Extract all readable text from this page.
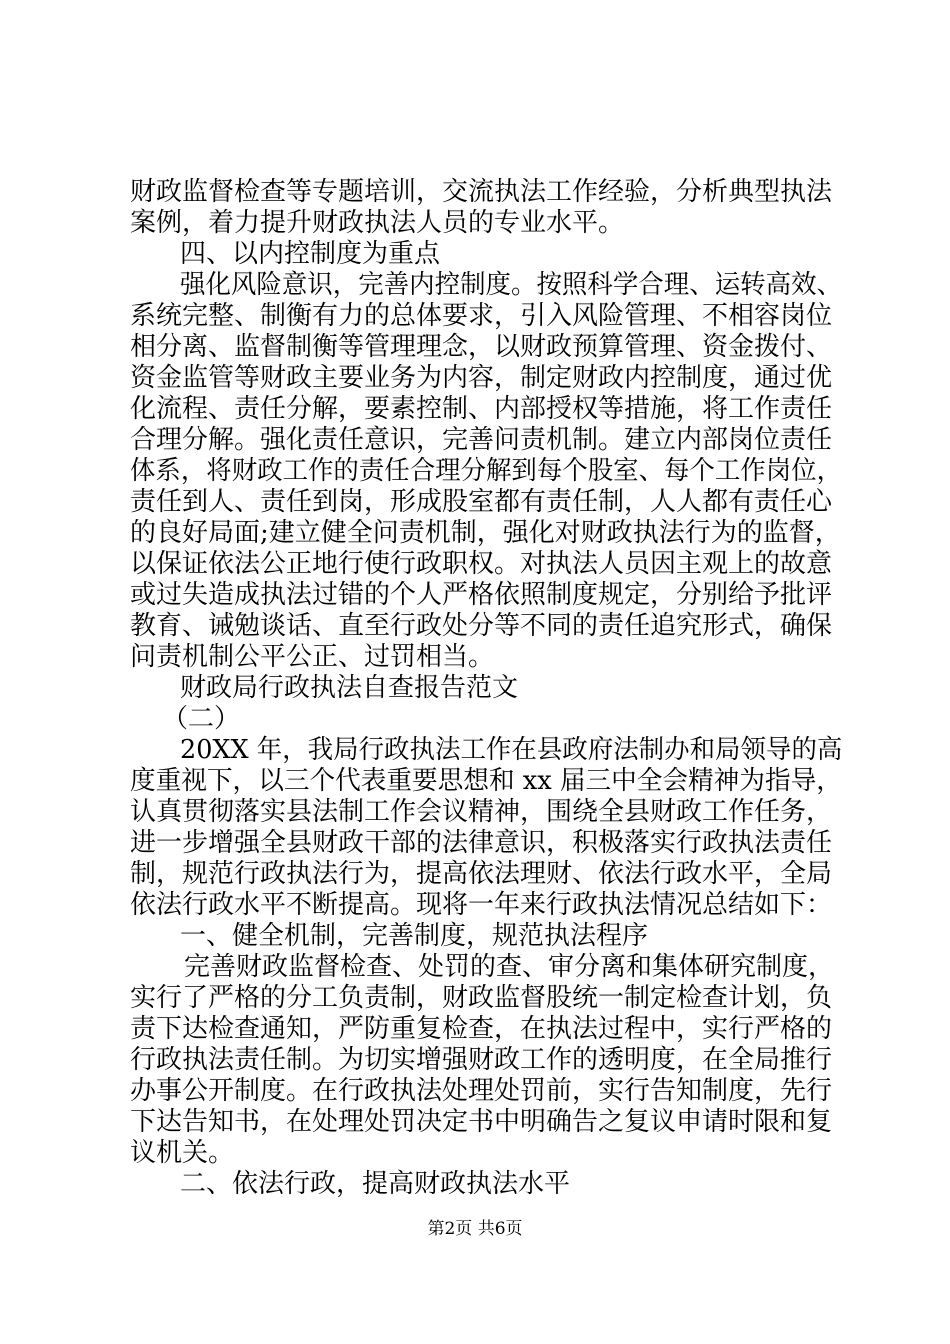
财政监督检查等专题培训，交流执法工作经验，分析典型执法
案例，着力提升财政执法人员的专业水平。
四、以内控制度为重点
强化风险意识，完善内控制度。按照科学合理、运转高效、
系统完整、制衡有力的总体要求，引入风险管理、不相容岗位
相分离、监督制衡等管理理念，以财政预算管理、资金拨付、
资金监管等财政主要业务为内容，制定财政内控制度，通过优
化流程、责任分解，要素控制、内部授权等措施，将工作责任
合理分解。强化责任意识，完善问责机制。建立内部岗位责任
体系，将财政工作的责任合理分解到每个股室、每个工作岗位，
责任到人、责任到岗，形成股室都有责任制，人人都有责任心
的良好局面;建立健全问责机制，强化对财政执法行为的监督，
以保证依法公正地行使行政职权。对执法人员因主观上的故意
或过失造成执法过错的个人严格依照制度规定，分别给予批评
教育、诫勉谈话、直至行政处分等不同的责任追究形式，确保
问责机制公平公正、过罚相当。
财政局行政执法自查报告范文
（二）
20XX 年，我局行政执法工作在县政府法制办和局领导的高
度重视下，以三个代表重要思想和 xx 届三中全会精神为指导，
认真贯彻落实县法制工作会议精神，围绕全县财政工作任务，
进一步增强全县财政干部的法律意识，积极落实行政执法责任
制，规范行政执法行为，提高依法理财、依法行政水平，全局
依法行政水平不断提高。现将一年来行政执法情况总结如下：
一、健全机制，完善制度，规范执法程序
完善财政监督检查、处罚的查、审分离和集体研究制度，
实行了严格的分工负责制，财政监督股统一制定检查计划，负
责下达检查通知，严防重复检查，在执法过程中，实行严格的
行政执法责任制。为切实增强财政工作的透明度，在全局推行
办事公开制度。在行政执法处理处罚前，实行告知制度，先行
下达告知书，在处理处罚决定书中明确告之复议申请时限和复
议机关。
二、依法行政，提高财政执法水平
第2页 共6页
